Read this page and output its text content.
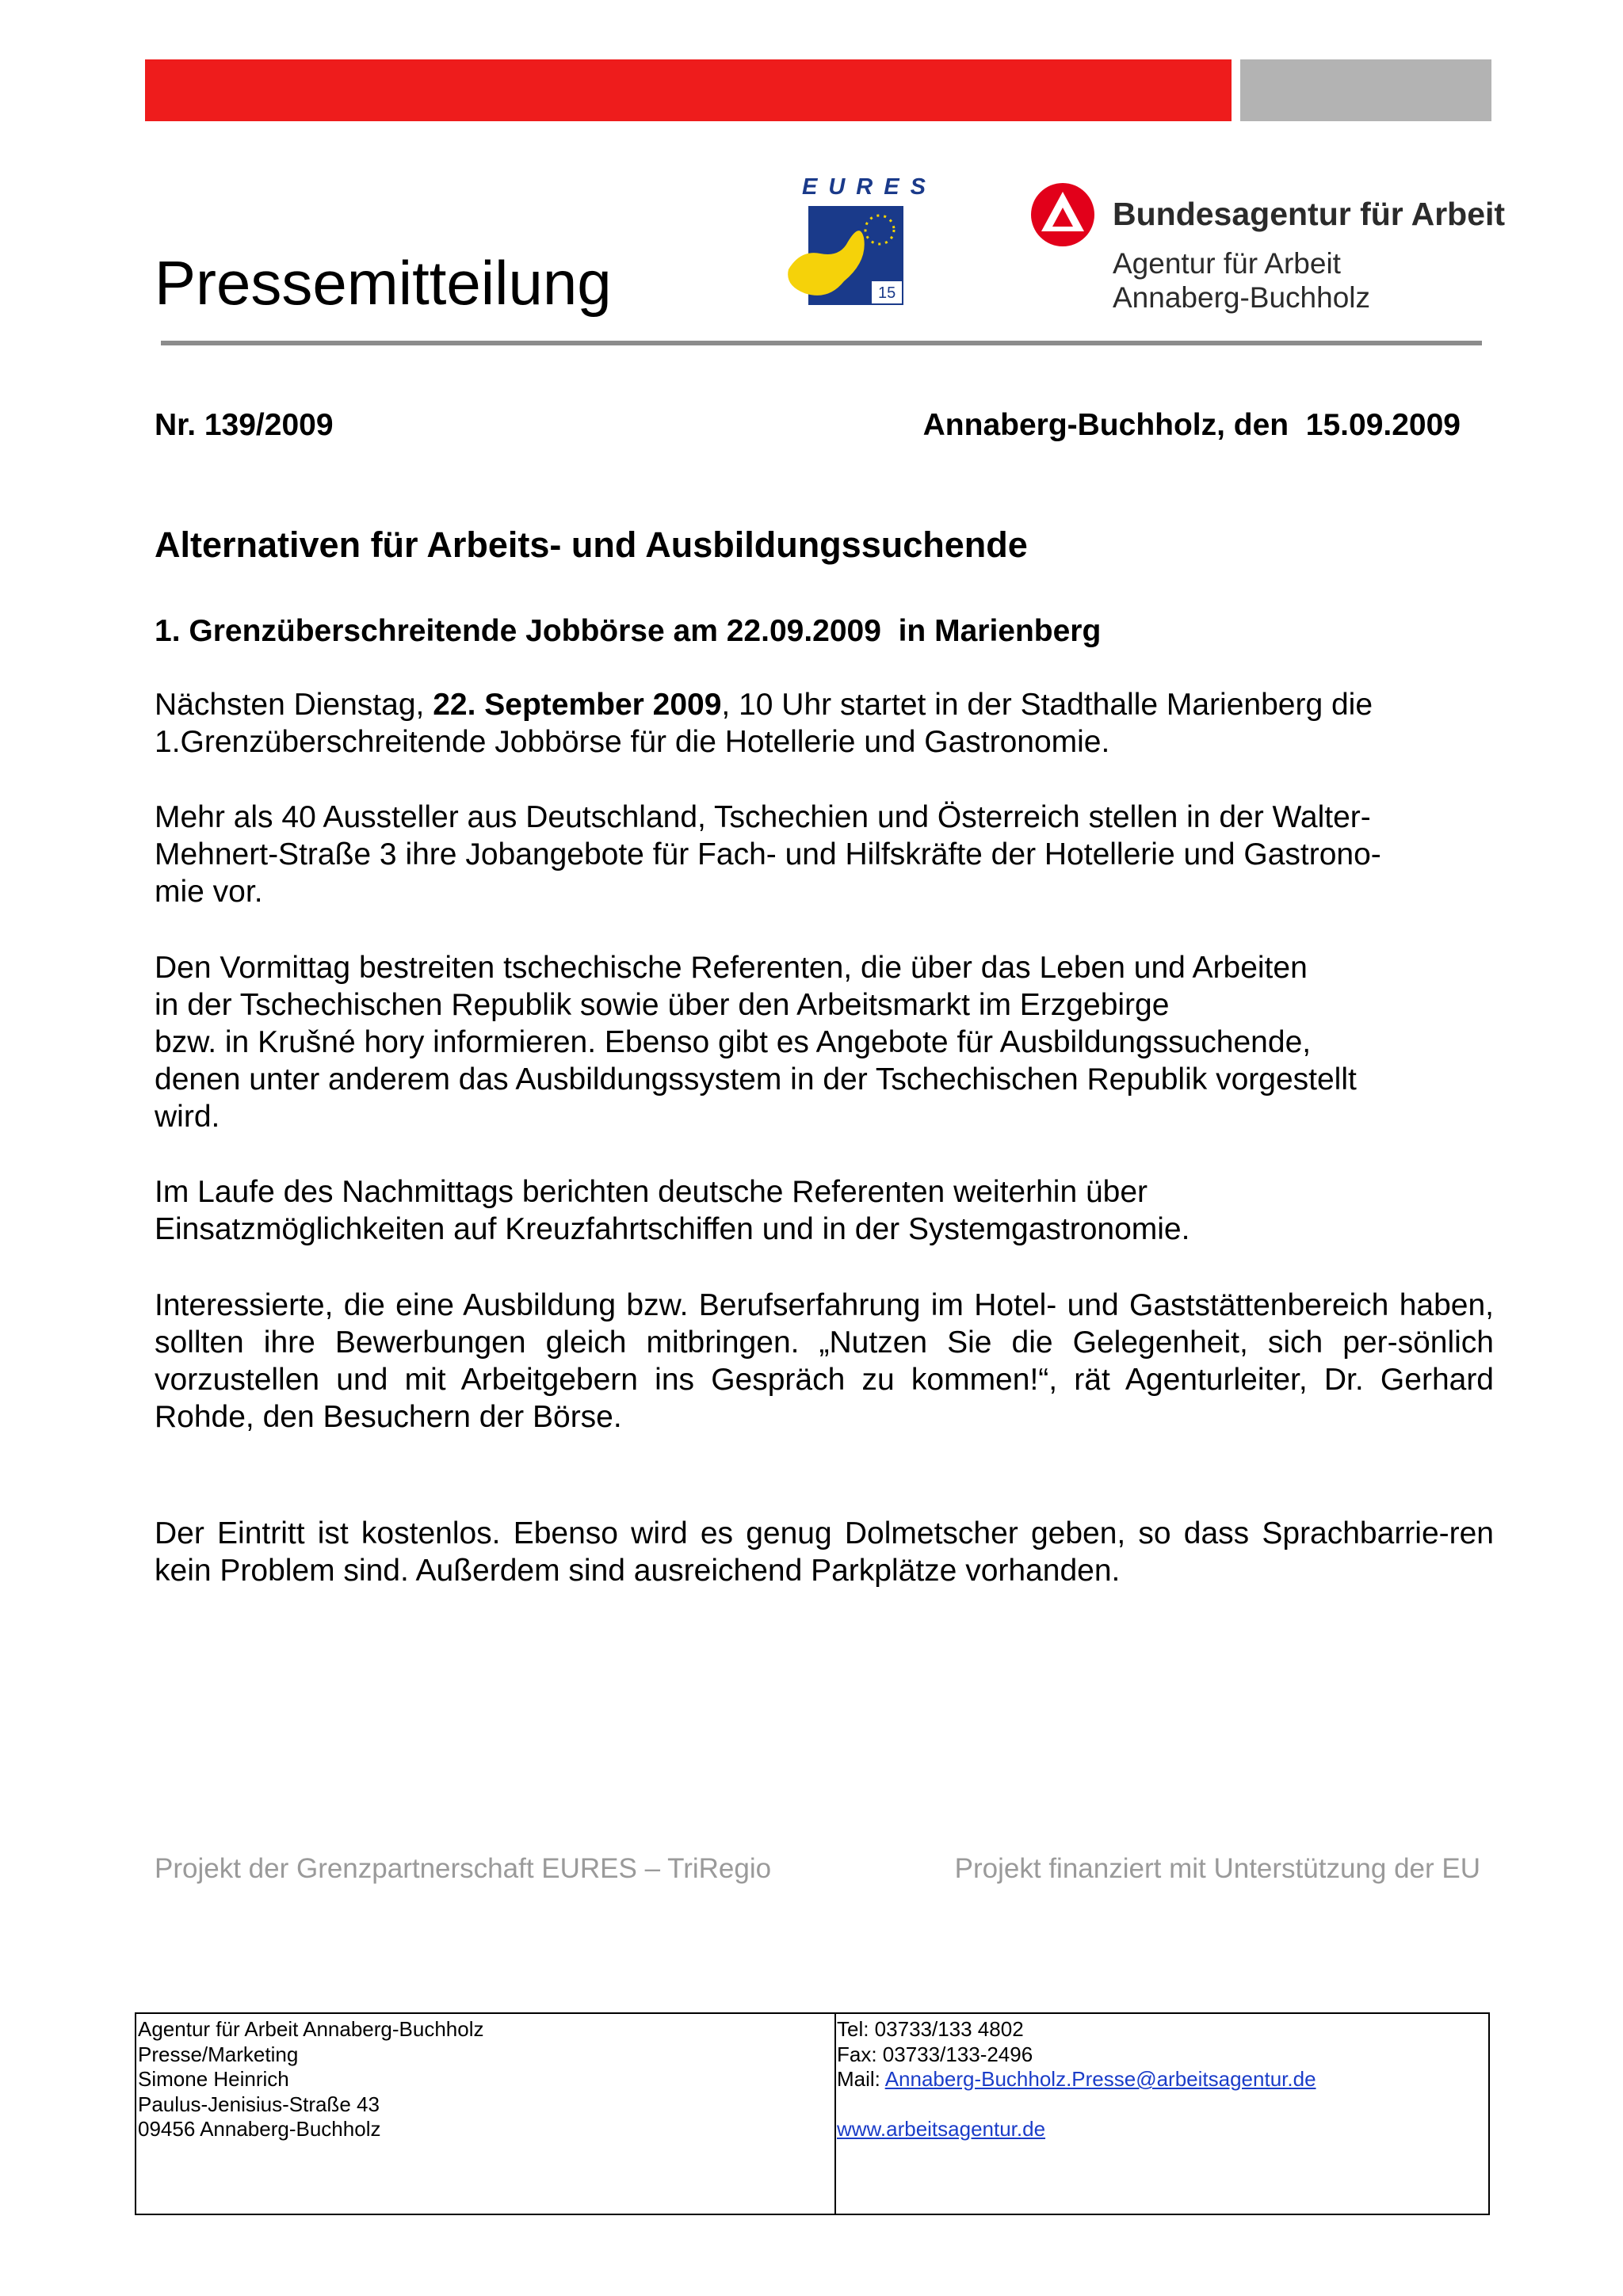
Pressemitteilung	15
EURES
Bundesagentur für Arbeit
Agentur für Arbeit
Annaberg-Buchholz
Nr. 139/2009	Annaberg-Buchholz, den  15.09.2009
Alternativen für Arbeits- und Ausbildungssuchende
1. Grenzüberschreitende Jobbörse am 22.09.2009  in Marienberg

Nächsten Dienstag, 22. September 2009, 10 Uhr startet in der Stadthalle Marienberg die

1.Grenzüberschreitende Jobbörse für die Hotellerie und Gastronomie.

Mehr als 40 Aussteller aus Deutschland, Tschechien und Österreich stellen in der Walter-

Mehnert-Straße 3 ihre Jobangebote für Fach- und Hilfskräfte der Hotellerie und Gastrono-

mie vor.

Den Vormittag bestreiten tschechische Referenten, die über das Leben und Arbeiten

in der Tschechischen Republik sowie über den Arbeitsmarkt im Erzgebirge

bzw. in Krušné hory informieren. Ebenso gibt es Angebote für Ausbildungssuchende,

denen unter anderem das Ausbildungssystem in der Tschechischen Republik vorgestellt

wird.

Im Laufe des Nachmittags berichten deutsche Referenten weiterhin über

Einsatzmöglichkeiten auf Kreuzfahrtschiffen und in der Systemgastronomie.

Interessierte, die eine Ausbildung bzw. Berufserfahrung im Hotel- und Gaststättenbereich haben, sollten ihre Bewerbungen gleich mitbringen. „Nutzen Sie die Gelegenheit, sich per-sönlich vorzustellen und mit Arbeitgebern ins Gespräch zu kommen!“, rät Agenturleiter, Dr. Gerhard Rohde, den Besuchern der Börse.

Der Eintritt ist kostenlos. Ebenso wird es genug Dolmetscher geben, so dass Sprachbarrie-ren kein Problem sind. Außerdem sind ausreichend Parkplätze vorhanden.

Projekt der Grenzpartnerschaft EURES – TriRegio	Projekt finanziert mit Unterstützung der EU
Agentur für Arbeit Annaberg-Buchholz
Presse/Marketing
Simone Heinrich
Paulus-Jenisius-Straße 43
09456 Annaberg-Buchholz
Tel: 03733/133 4802
Fax: 03733/133-2496
Mail: Annaberg-Buchholz.Presse@arbeitsagentur.de
www.arbeitsagentur.de
